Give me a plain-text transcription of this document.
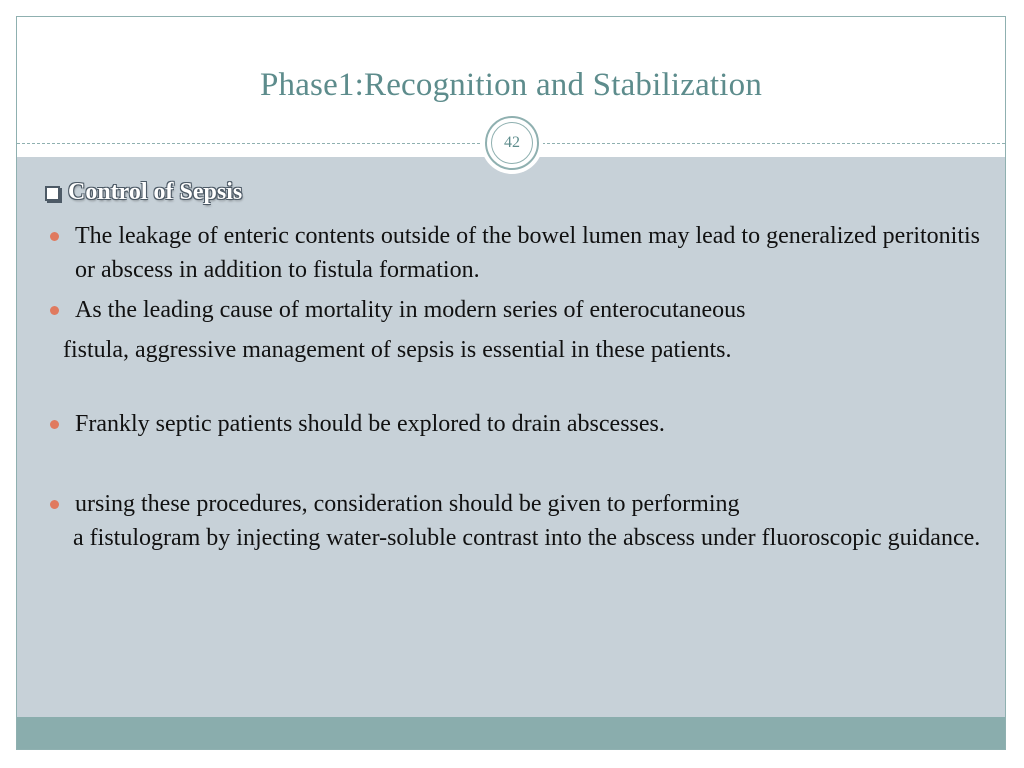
Phase1:Recognition and Stabilization
42
Control of Sepsis
The leakage of enteric contents outside of the bowel lumen may lead to generalized peritonitis or abscess in addition to fistula formation.
As the leading cause of mortality in modern series of enterocutaneous
fistula, aggressive management of sepsis is essential in these patients.
Frankly septic patients should be explored to drain abscesses.
ursing these procedures, consideration should be given to performing
a fistulogram by injecting water-soluble contrast into the abscess under fluoroscopic guidance.
